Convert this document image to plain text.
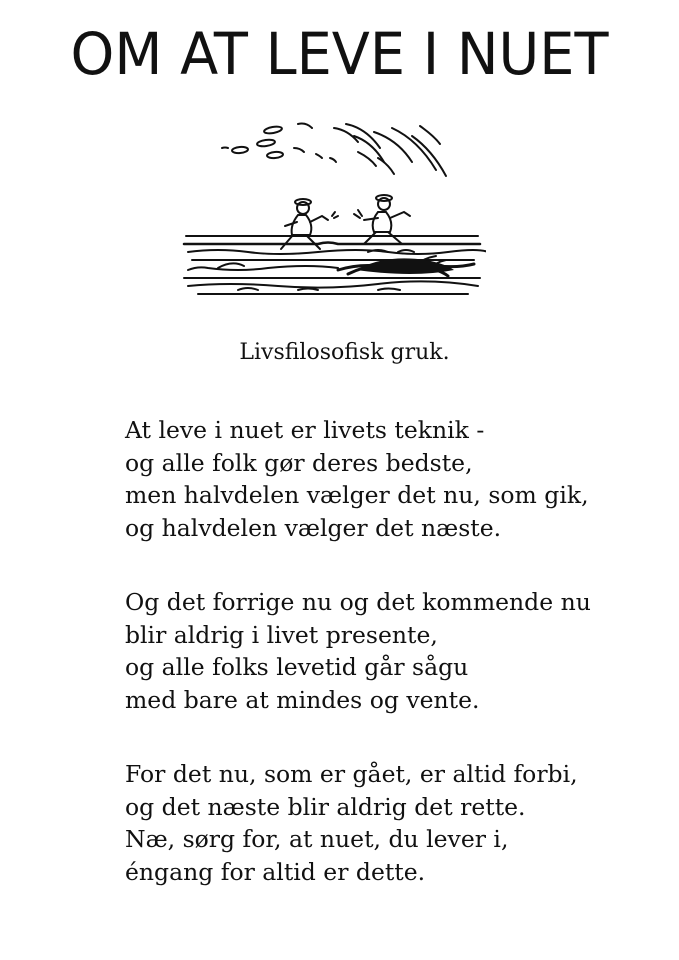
OM AT LEVE I NUET
Livsfilosofisk gruk.
At leve i nuet er livets teknik -
og alle folk gør deres bedste,
men halvdelen vælger det nu, som gik,
og halvdelen vælger det næste.
Og det forrige nu og det kommende nu
blir aldrig i livet presente,
og alle folks levetid går sågu
med bare at mindes og vente.
For det nu, som er gået, er altid forbi,
og det næste blir aldrig det rette.
Næ, sørg for, at nuet, du lever i,
éngang for altid er dette.
